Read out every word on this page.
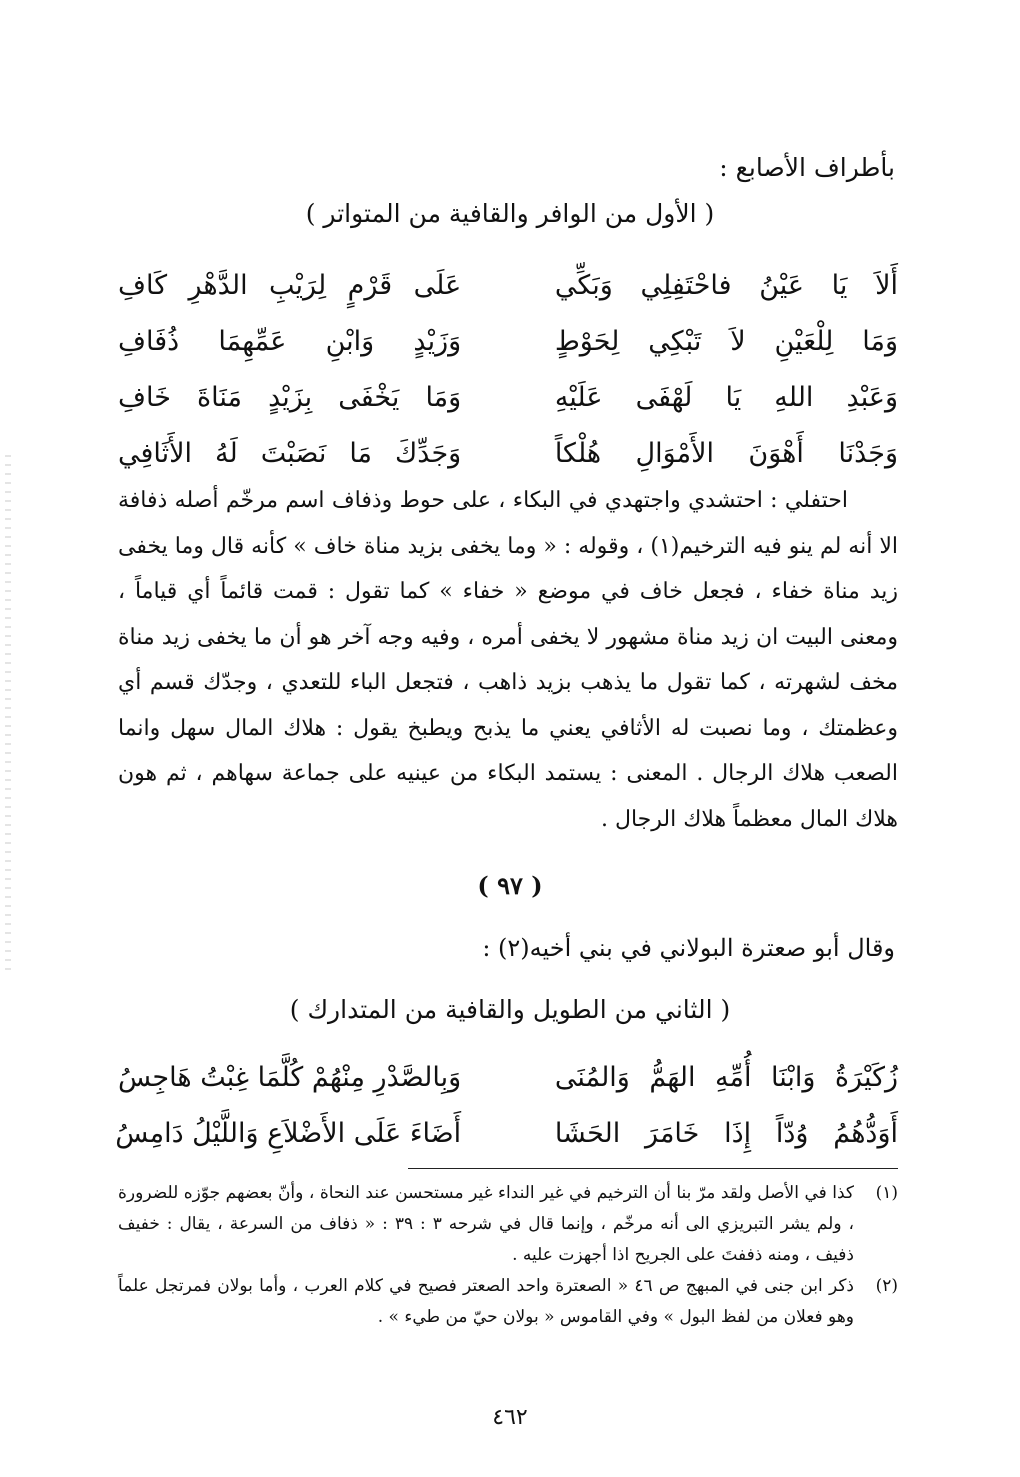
بأطراف الأصابع :

( الأول من الوافر والقافية من المتواتر )

أَلاَ يَا عَيْنُ فاحْتَفِلِي وَبَكِّي
عَلَى قَرْمٍ لِرَيْبِ الدَّهْرِ كَافِ
وَمَا لِلْعَيْنِ لاَ تَبْكِي لِحَوْطٍ
وَزَيْدٍ وَابْنِ عَمِّهِمَا ذُفَافِ
وَعَبْدِ اللهِ يَا لَهْفَى عَلَيْهِ
وَمَا يَخْفَى بِزَيْدٍ مَنَاةَ خَافِ
وَجَدْنَا أَهْوَنَ الأَمْوَالِ هُلْكاً
وَجَدِّكَ مَا نَصَبْتَ لَهُ الأَثَافِي

احتفلي : احتشدي واجتهدي في البكاء ، على حوط وذفاف اسم مرخّم أصله ذفافة الا أنه لم ينو فيه الترخيم(١) ، وقوله : « وما يخفى بزيد مناة خاف » كأنه قال وما يخفى زيد مناة خفاء ، فجعل خاف في موضع « خفاء » كما تقول : قمت قائماً أي قياماً ، ومعنى البيت ان زيد مناة مشهور لا يخفى أمره ، وفيه وجه آخر هو أن ما يخفى زيد مناة مخف لشهرته ، كما تقول ما يذهب بزيد ذاهب ، فتجعل الباء للتعدي ، وجدّك قسم أي وعظمتك ، وما نصبت له الأثافي يعني ما يذبح ويطبخ يقول : هلاك المال سهل وانما الصعب هلاك الرجال . المعنى : يستمد البكاء من عينيه على جماعة سهاهم ، ثم هون هلاك المال معظماً هلاك الرجال .

( ٩٧ )

وقال أبو صعترة البولاني في بني أخيه(٢) :

( الثاني من الطويل والقافية من المتدارك )

زُكَيْرَةُ وَابْنَا أُمِّهِ الهَمُّ وَالمُنَى
وَبِالصَّدْرِ مِنْهُمْ كُلَّمَا غِبْتُ هَاجِسُ
أَوَدُّهُمُ وُدّاً إِذَا خَامَرَ الحَشَا
أَضَاءَ عَلَى الأَضْلاَعِ وَاللَّيْلُ دَامِسُ
(١)
كذا في الأصل ولقد مرّ بنا أن الترخيم في غير النداء غير مستحسن عند النحاة ، وأنّ بعضهم جوّزه للضرورة ، ولم يشر التبريزي الى أنه مرخّم ، وإنما قال في شرحه ٣ : ٣٩ : « ذفاف من السرعة ، يقال : خفيف ذفيف ، ومنه ذففتَ على الجريح اذا أجهزت عليه .
(٢)
ذكر ابن جنى في المبهج ص ٤٦ « الصعترة واحد الصعتر فصيح في كلام العرب ، وأما بولان فمرتجل علماً وهو فعلان من لفظ البول » وفي القاموس « بولان حيّ من طيء » .
٤٦٢
